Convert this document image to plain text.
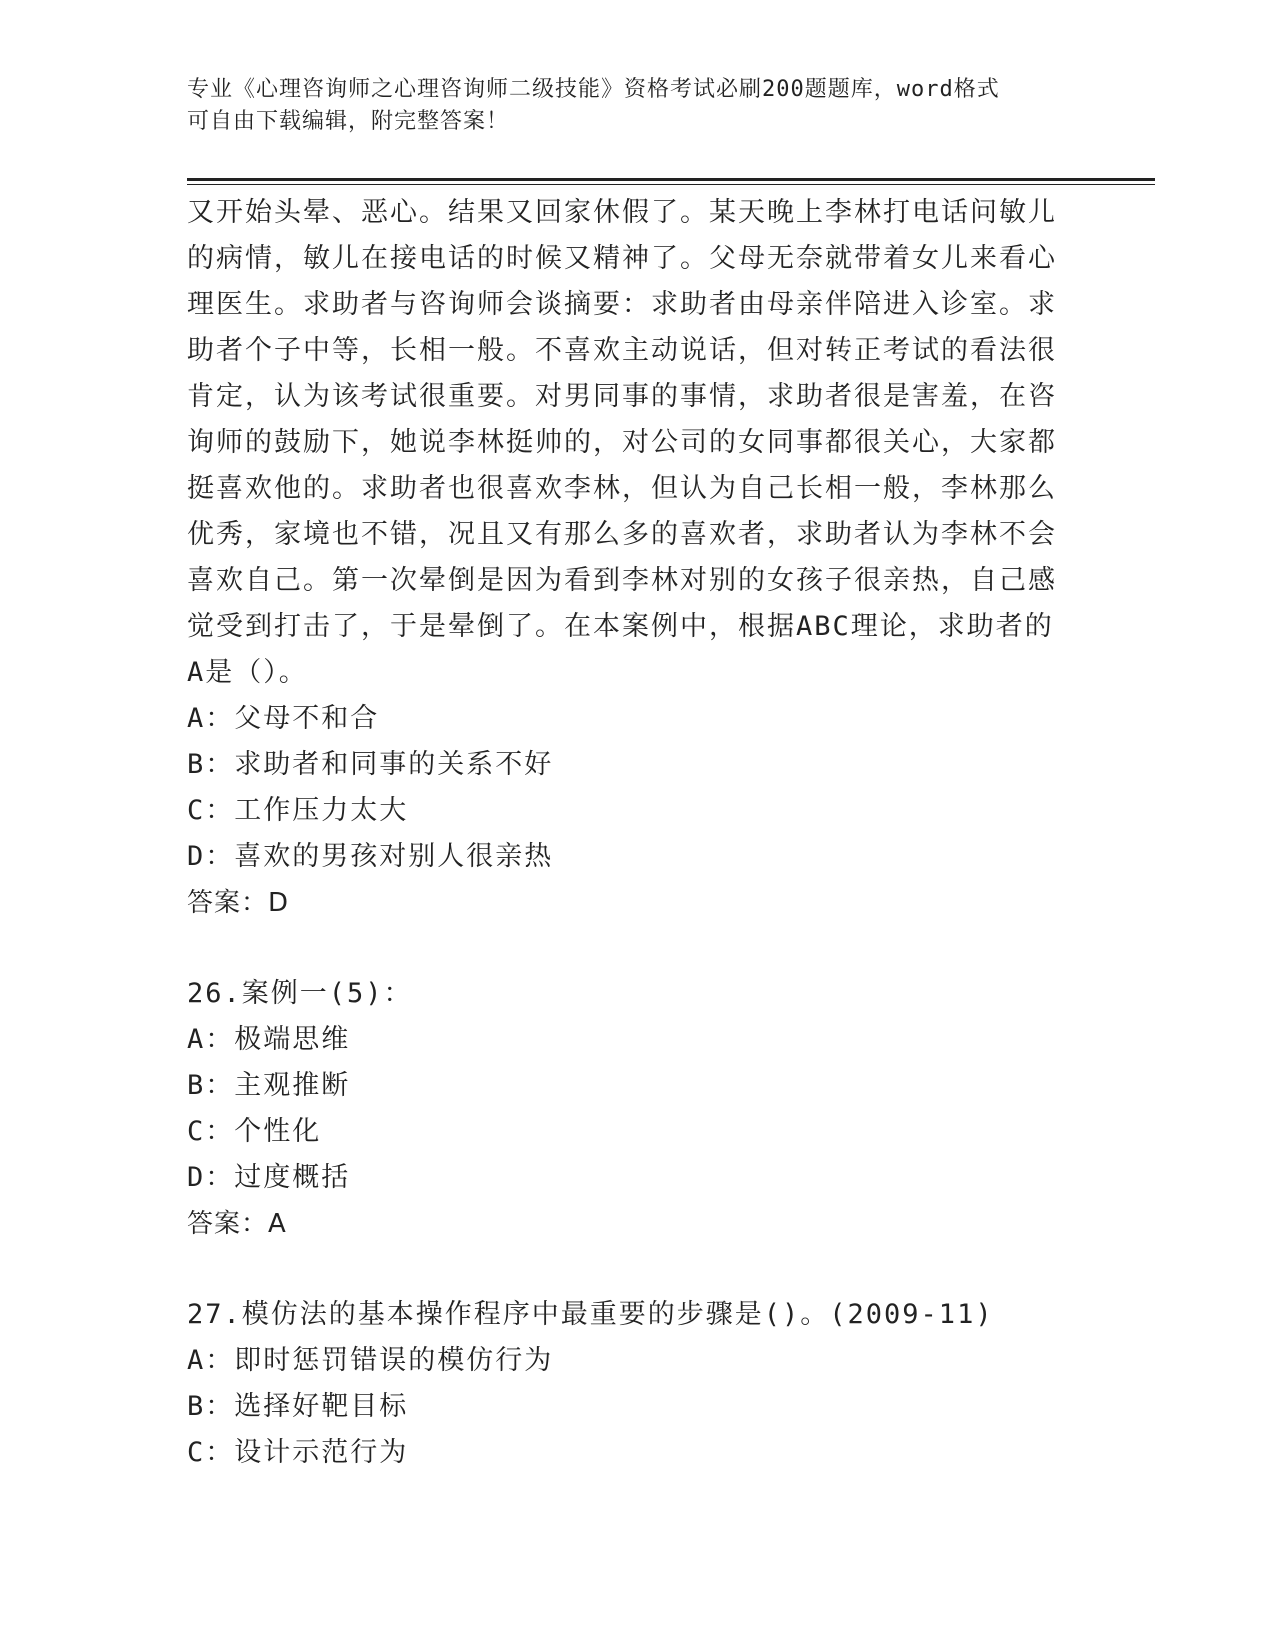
专业《心理咨询师之心理咨询师二级技能》资格考试必刷200题题库，word格式
可自由下载编辑，附完整答案！
又开始头晕、恶心。结果又回家休假了。某天晚上李林打电话问敏儿
的病情，敏儿在接电话的时候又精神了。父母无奈就带着女儿来看心
理医生。求助者与咨询师会谈摘要：求助者由母亲伴陪进入诊室。求
助者个子中等，长相一般。不喜欢主动说话，但对转正考试的看法很
肯定，认为该考试很重要。对男同事的事情，求助者很是害羞，在咨
询师的鼓励下，她说李林挺帅的，对公司的女同事都很关心，大家都
挺喜欢他的。求助者也很喜欢李林，但认为自己长相一般，李林那么
优秀，家境也不错，况且又有那么多的喜欢者，求助者认为李林不会
喜欢自己。第一次晕倒是因为看到李林对别的女孩子很亲热，自己感
觉受到打击了，于是晕倒了。在本案例中，根据ABC理论，求助者的
A是（）。
A：父母不和合
B：求助者和同事的关系不好
C：工作压力太大
D：喜欢的男孩对别人很亲热
答案：D
26.案例一(5)：
A：极端思维
B：主观推断
C：个性化
D：过度概括
答案：A
27.模仿法的基本操作程序中最重要的步骤是()。(2009-11)
A：即时惩罚错误的模仿行为
B：选择好靶目标
C：设计示范行为
